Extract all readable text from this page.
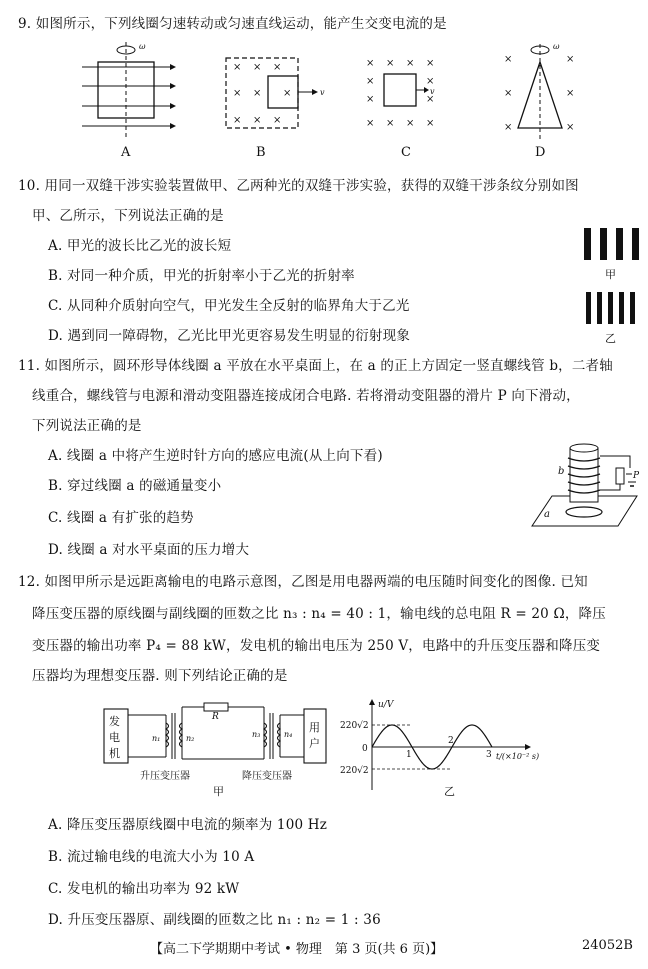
9. 如图所示，下列线圈匀速转动或匀速直线运动，能产生交变电流的是
ω
× × ×
× × ×
× × ×
v
× × × ×
×	×
×	×
× × × ×
v
×	×
×	×
×	×
ω
A	B	C	D
10. 用同一双缝干涉实验装置做甲、乙两种光的双缝干涉实验，获得的双缝干涉条纹分别如图
甲、乙所示，下列说法正确的是
A. 甲光的波长比乙光的波长短
B. 对同一种介质，甲光的折射率小于乙光的折射率
C. 从同种介质射向空气，甲光发生全反射的临界角大于乙光
D. 遇到同一障碍物，乙光比甲光更容易发生明显的衍射现象
甲
乙
11. 如图所示，圆环形导体线圈 a 平放在水平桌面上，在 a 的正上方固定一竖直螺线管 b，二者轴
线重合，螺线管与电源和滑动变阻器连接成闭合电路. 若将滑动变阻器的滑片 P 向下滑动，
下列说法正确的是
A. 线圈 a 中将产生逆时针方向的感应电流(从上向下看)
B. 穿过线圈 a 的磁通量变小
C. 线圈 a 有扩张的趋势
D. 线圈 a 对水平桌面的压力增大
a
b	P
12. 如图甲所示是远距离输电的电路示意图，乙图是用电器两端的电压随时间变化的图像. 已知
降压变压器的原线圈与副线圈的匝数之比 n₃ : n₄ = 40 : 1，输电线的总电阻 R = 20 Ω，降压
变压器的输出功率 P₄ = 88 kW，发电机的输出电压为 250 V，电路中的升压变压器和降压变
压器均为理想变压器. 则下列结论正确的是
发
电
机
n₁	n₂
R
n₃	n₄
用
户
升压变压器	降压变压器
甲
u/V
220√2
220√2
0
1
2
3 t/(×10⁻² s)
乙
A. 降压变压器原线圈中电流的频率为 100 Hz
B. 流过输电线的电流大小为 10 A
C. 发电机的输出功率为 92 kW
D. 升压变压器原、副线圈的匝数之比 n₁ : n₂ = 1 : 36
【高二下学期期中考试 • 物理　第 3 页(共 6 页)】	24052B
